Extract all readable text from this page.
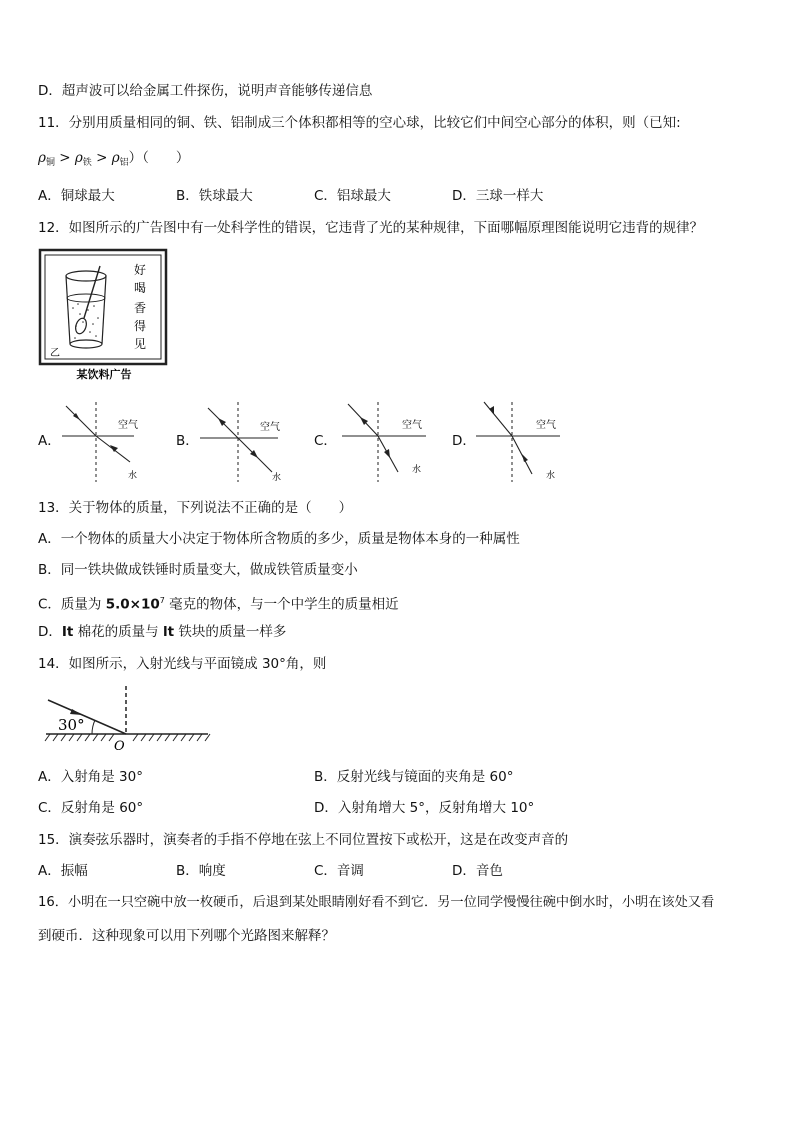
D．超声波可以给金属工件探伤，说明声音能够传递信息
11．分别用质量相同的铜、铁、铝制成三个体积都相等的空心球，比较它们中间空心部分的体积，则（已知:
$\rho_铜 > \rho_铁 > \rho_铝$）（　　）
A．铜球最大	B．铁球最大	C．铝球最大	D．三球一样大
12．如图所示的广告图中有一处科学性的错误，它违背了光的某种规律，下面哪幅原理图能说明它违背的规律？
好
喝
香
得
见
乙
某饮料广告
A．
空气
水
B．
空气
水
C．
空气
水
D．
空气
水
13．关于物体的质量，下列说法不正确的是（　　）
A．一个物体的质量大小决定于物体所含物质的多少，质量是物体本身的一种属性
B．同一铁块做成铁锤时质量变大，做成铁管质量变小
C．质量为 $5.0\times 10^7$ 毫克的物体，与一个中学生的质量相近
D．It 棉花的质量与 lt 铁块的质量一样多
14．如图所示，入射光线与平面镜成 30°角，则
30°
O
A．入射角是 30°	B．反射光线与镜面的夹角是 60°
C．反射角是 60°	D．入射角增大 5°，反射角增大 10°
15．演奏弦乐器时，演奏者的手指不停地在弦上不同位置按下或松开，这是在改变声音的
A．振幅	B．响度	C．音调	D．音色
16．小明在一只空碗中放一枚硬币，后退到某处眼睛刚好看不到它．另一位同学慢慢往碗中倒水时，小明在该处又看
到硬币．这种现象可以用下列哪个光路图来解释？
